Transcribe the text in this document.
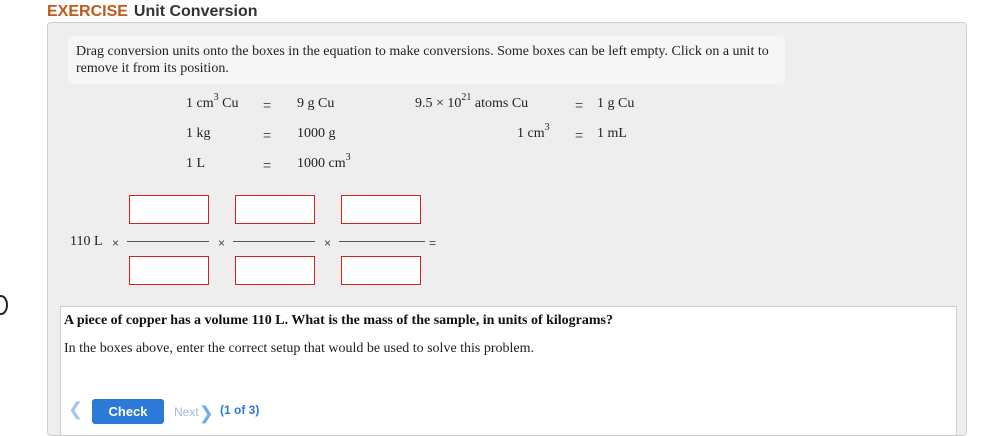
EXERCISE Unit Conversion
Drag conversion units onto the boxes in the equation to make conversions. Some boxes can be left empty. Click on a unit to remove it from its position.
1 $cm^3$ Cu = 9 g Cu	$9.5 \times 10^{21}$ atoms Cu	= 1 g Cu
1 kg	= 1000 g	1 $cm^3 = 1$ mL
1 L	= 1000 $cm^3$
110 L ×	×	×	=
A piece of copper has a volume 110 L. What is the mass of the sample, in units of kilograms?
In the boxes above, enter the correct setup that would be used to solve this problem.
❮	Check	Next❯ (1 of 3)
